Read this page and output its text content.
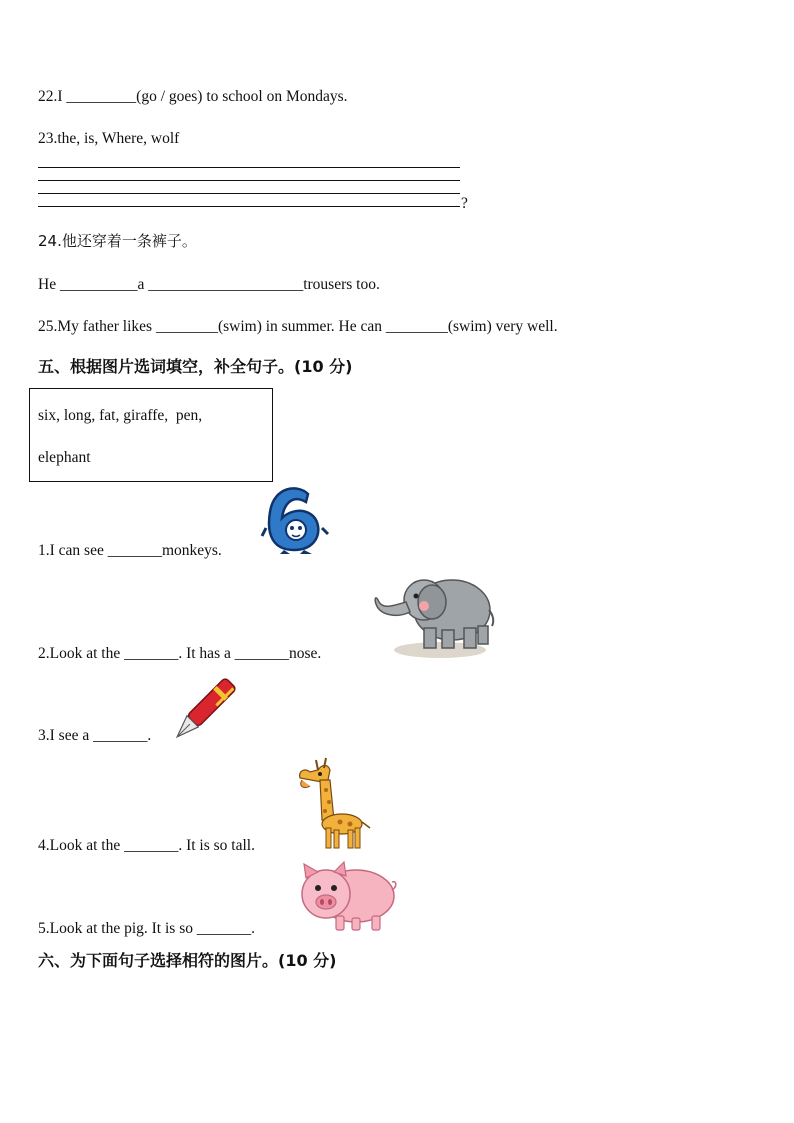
22.I _________(go / goes) to school on Mondays.
23.the, is, Where, wolf
?
24.他还穿着一条裤子。
He __________a ____________________trousers too.
25.My father likes ________(swim) in summer. He can ________(swim) very well.
五、根据图片选词填空，补全句子。(10 分)
six, long, fat, giraffe,  pen,
elephant
1.I can see _______monkeys.
2.Look at the _______. It has a _______nose.
3.I see a _______.
4.Look at the _______. It is so tall.
5.Look at the pig. It is so _______.
六、为下面句子选择相符的图片。(10 分)
